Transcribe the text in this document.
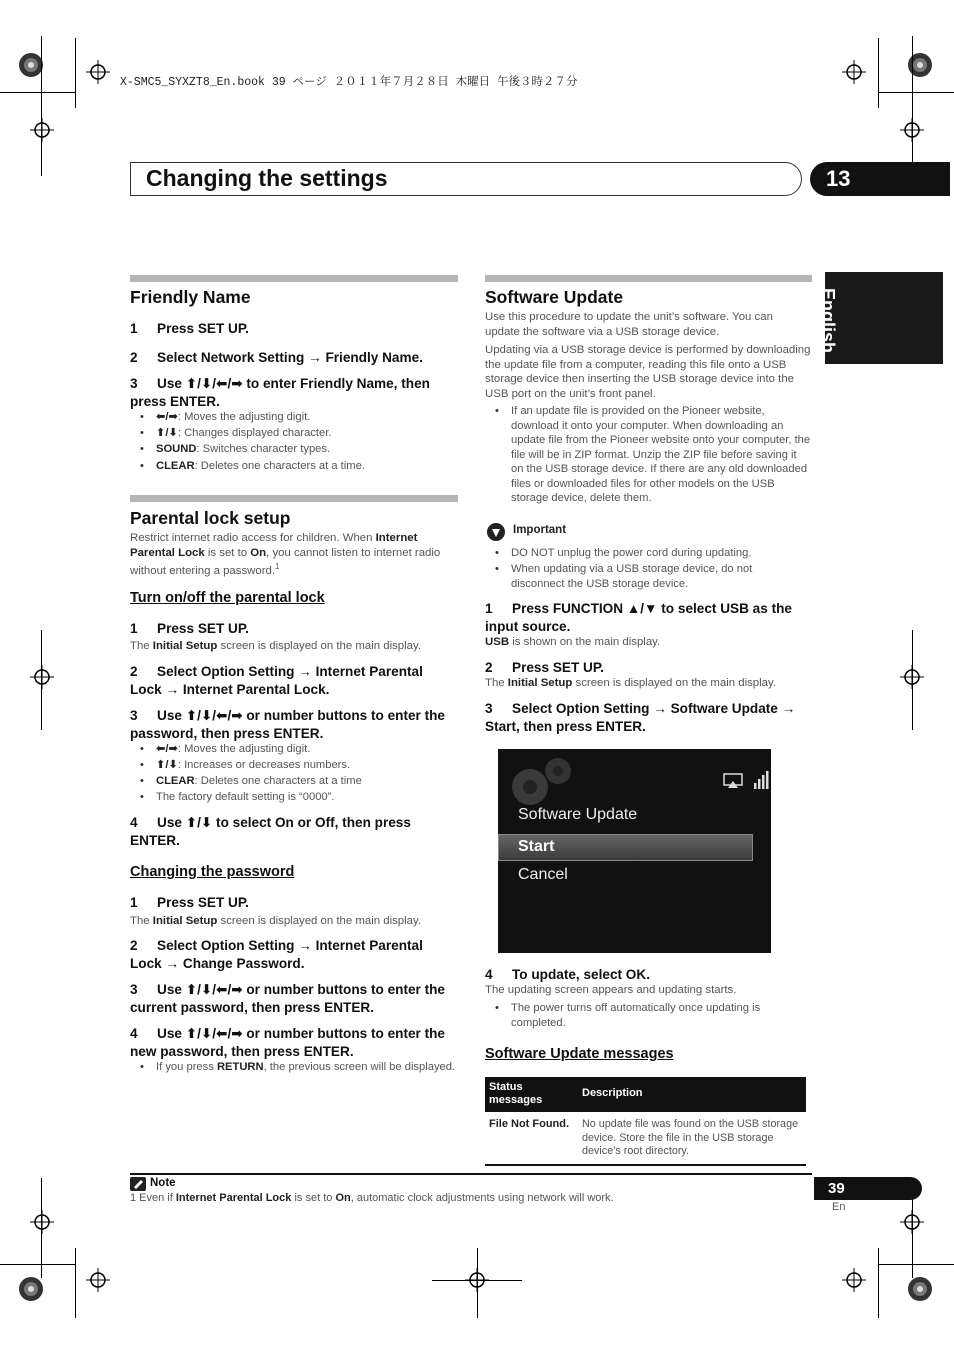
X-SMC5_SYXZT8_En.book 39 ページ ２０１１年７月２８日 木曜日 午後３時２７分
Changing the settings	13
English
Friendly Name
1 Press SET UP.
2 Select Network Setting → Friendly Name.
3 Use ⬆/⬇/⬅/➡ to enter Friendly Name, then press ENTER.
• ⬅/➡: Moves the adjusting digit.
• ⬆/⬇: Changes displayed character.
• SOUND: Switches character types.
• CLEAR: Deletes one characters at a time.
Parental lock setup
Restrict internet radio access for children. When Internet Parental Lock is set to On, you cannot listen to internet radio without entering a password.$^1$
Turn on/off the parental lock
1 Press SET UP.
The Initial Setup screen is displayed on the main display.
2 Select Option Setting → Internet Parental Lock → Internet Parental Lock.
3 Use ⬆/⬇/⬅/➡ or number buttons to enter the password, then press ENTER.
• ⬅/➡: Moves the adjusting digit.
• ⬆/⬇: Increases or decreases numbers.
• CLEAR: Deletes one characters at a time
• The factory default setting is “0000”.
4 Use ⬆/⬇ to select On or Off, then press ENTER.
Changing the password
1 Press SET UP.
The Initial Setup screen is displayed on the main display.
2 Select Option Setting → Internet Parental Lock → Change Password.
3 Use ⬆/⬇/⬅/➡ or number buttons to enter the current password, then press ENTER.
4 Use ⬆/⬇/⬅/➡ or number buttons to enter the new password, then press ENTER.
• If you press RETURN, the previous screen will be displayed.
Software Update
Use this procedure to update the unit’s software. You can update the software via a USB storage device.
Updating via a USB storage device is performed by downloading the update file from a computer, reading this file onto a USB storage device then inserting the USB storage device into the USB port on the unit’s front panel.
• If an update file is provided on the Pioneer website, download it onto your computer. When downloading an update file from the Pioneer website onto your computer, the file will be in ZIP format. Unzip the ZIP file before saving it on the USB storage device. If there are any old downloaded files or downloaded files for other models on the USB storage device, delete them.
Important
• DO NOT unplug the power cord during updating.
• When updating via a USB storage device, do not disconnect the USB storage device.
1 Press FUNCTION ▲/▼ to select USB as the input source.
USB is shown on the main display.
2 Press SET UP.
The Initial Setup screen is displayed on the main display.
3 Select Option Setting → Software Update → Start, then press ENTER.
Software Update
Start
Cancel
4 To update, select OK.
The updating screen appears and updating starts.
• The power turns off automatically once updating is completed.
Software Update messages
Status messages
Description
File Not Found. No update file was found on the USB storage device. Store the file in the USB storage device’s root directory.
Note
1 Even if Internet Parental Lock is set to On, automatic clock adjustments using network will work.
39
En
